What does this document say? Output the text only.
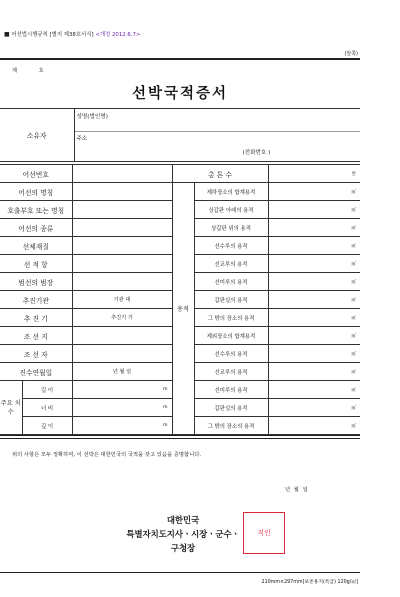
■ 어선법시행규칙 [별지 제38호서식] <개정 2012.6.7>
(앞쪽)
제 호
선박국적증서
소유자	
성명(법인명)
주소
(전화번호 )
어선번호			총 톤 수		톤
어선의 명칭			용적	제하장소의 합계용적	㎥
호출부호 또는 명칭				상갑판 아래의 용적	㎥
어선의 종류				상갑판 위의 용적	㎥
선체재질				선수루의 용적	㎥
선 적 항				선교루의 용적	㎥
범선의 범장				선미루의 용적	㎥
추진기관		기관 대		갑판실의 용적	㎥
추 진 기		추진기 기		그 밖의 장소의 용적	㎥
조 선 지				제외장소의 합계용적	㎥
조 선 자				선수루의 용적	㎥
진수연월일		년 월 일		선교루의 용적	㎥
주요 치수	길 이	m		선미루의 용적	㎥
	너 비	m		갑판실의 용적	㎥
	깊 이	m		그 밖의 장소의 용적	㎥
위의 사항은 모두 정확하며, 이 선박은 대한민국의 국적을 갖고 있음을 증명합니다.
년 월 일
대한민국
특별자치도지사ㆍ시장ㆍ군수ㆍ
구청장
직인
210mm×297mm[보존용지(특급) 120g/㎡]
